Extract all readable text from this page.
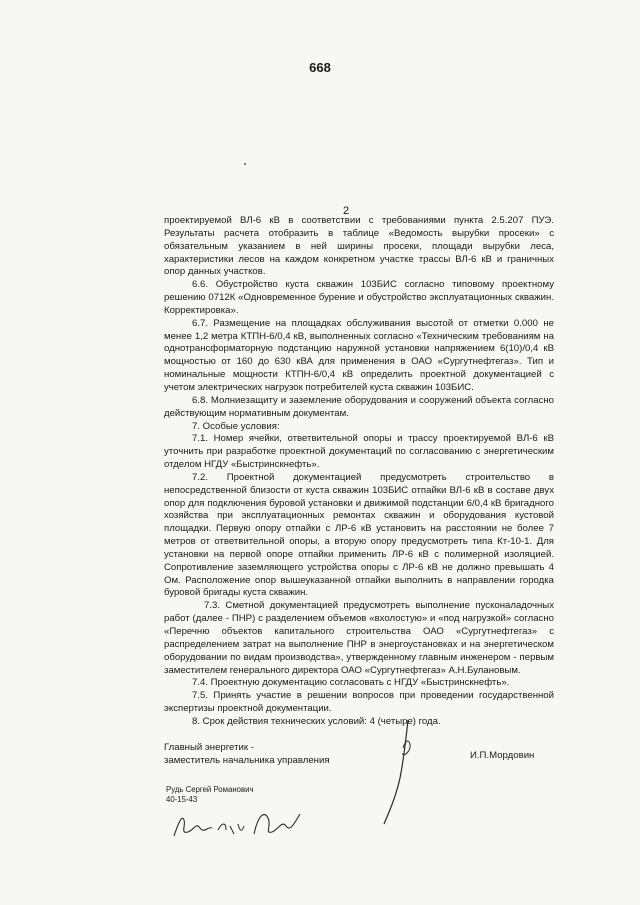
668
2

проектируемой ВЛ-6 кВ в соответствии с требованиями пункта 2.5.207 ПУЭ. Результаты расчета отобразить в таблице «Ведомость вырубки просеки» с обязательным указанием в ней ширины просеки, площади вырубки леса, характеристики лесов на каждом конкретном участке трассы ВЛ-6 кВ и граничных опор данных участков.

6.6. Обустройство куста скважин 103БИС согласно типовому проектному решению 0712К «Одновременное бурение и обустройство эксплуатационных скважин. Корректировка».

6.7. Размещение на площадках обслуживания высотой от отметки 0.000 не менее 1,2 метра КТПН-6/0,4 кВ, выполненных согласно «Техническим требованиям на однотрансформаторную подстанцию наружной установки напряжением 6(10)/0,4 кВ мощностью от 160 до 630 кВА для применения в ОАО «Сургутнефтегаз». Тип и номинальные мощности КТПН-6/0,4 кВ определить проектной документацией с учетом электрических нагрузок потребителей куста скважин 103БИС.

6.8. Молниезащиту и заземление оборудования и сооружений объекта согласно действующим нормативным документам.

7. Особые условия:

7.1. Номер ячейки, ответвительной опоры и трассу проектируемой ВЛ-6 кВ уточнить при разработке проектной документаций по согласованию с энергетическим отделом НГДУ «Быстринскнефть».

7.2. Проектной документацией предусмотреть строительство в непосредственной близости от куста скважин 103БИС отпайки ВЛ-6 кВ в составе двух опор для подключения буровой установки и движимой подстанции 6/0,4 кВ бригадного хозяйства при эксплуатационных ремонтах скважин и оборудования кустовой площадки. Первую опору отпайки с ЛР-6 кВ установить на расстоянии не более 7 метров от ответвительной опоры, а вторую опору предусмотреть типа Кт-10-1. Для установки на первой опоре отпайки применить ЛР-6 кВ с полимерной изоляцией. Сопротивление заземляющего устройства опоры с ЛР-6 кВ не должно превышать 4 Ом. Расположение опор вышеуказанной отпайки выполнить в направлении городка буровой бригады куста скважин.

7.3. Сметной документацией предусмотреть выполнение пусконаладочных работ (далее - ПНР) с разделением объемов «вхолостую» и «под нагрузкой» согласно «Перечню объектов капитального строительства ОАО «Сургутнефтегаз» с распределением затрат на выполнение ПНР в энергоустановках и на энергетическом оборудовании по видам производства», утвержденному главным инженером - первым заместителем генерального директора ОАО «Сургутнефтегаз» А.Н.Булановым.

7.4. Проектную документацию согласовать с НГДУ «Быстринскнефть».

7.5. Принять участие в решении вопросов при проведении государственной экспертизы проектной документации.

8. Срок действия технических условий: 4 (четыре) года.

Главный энергетик -
заместитель начальника управления	И.П.Мордовин
Рудь Сергей Романович
40-15-43
